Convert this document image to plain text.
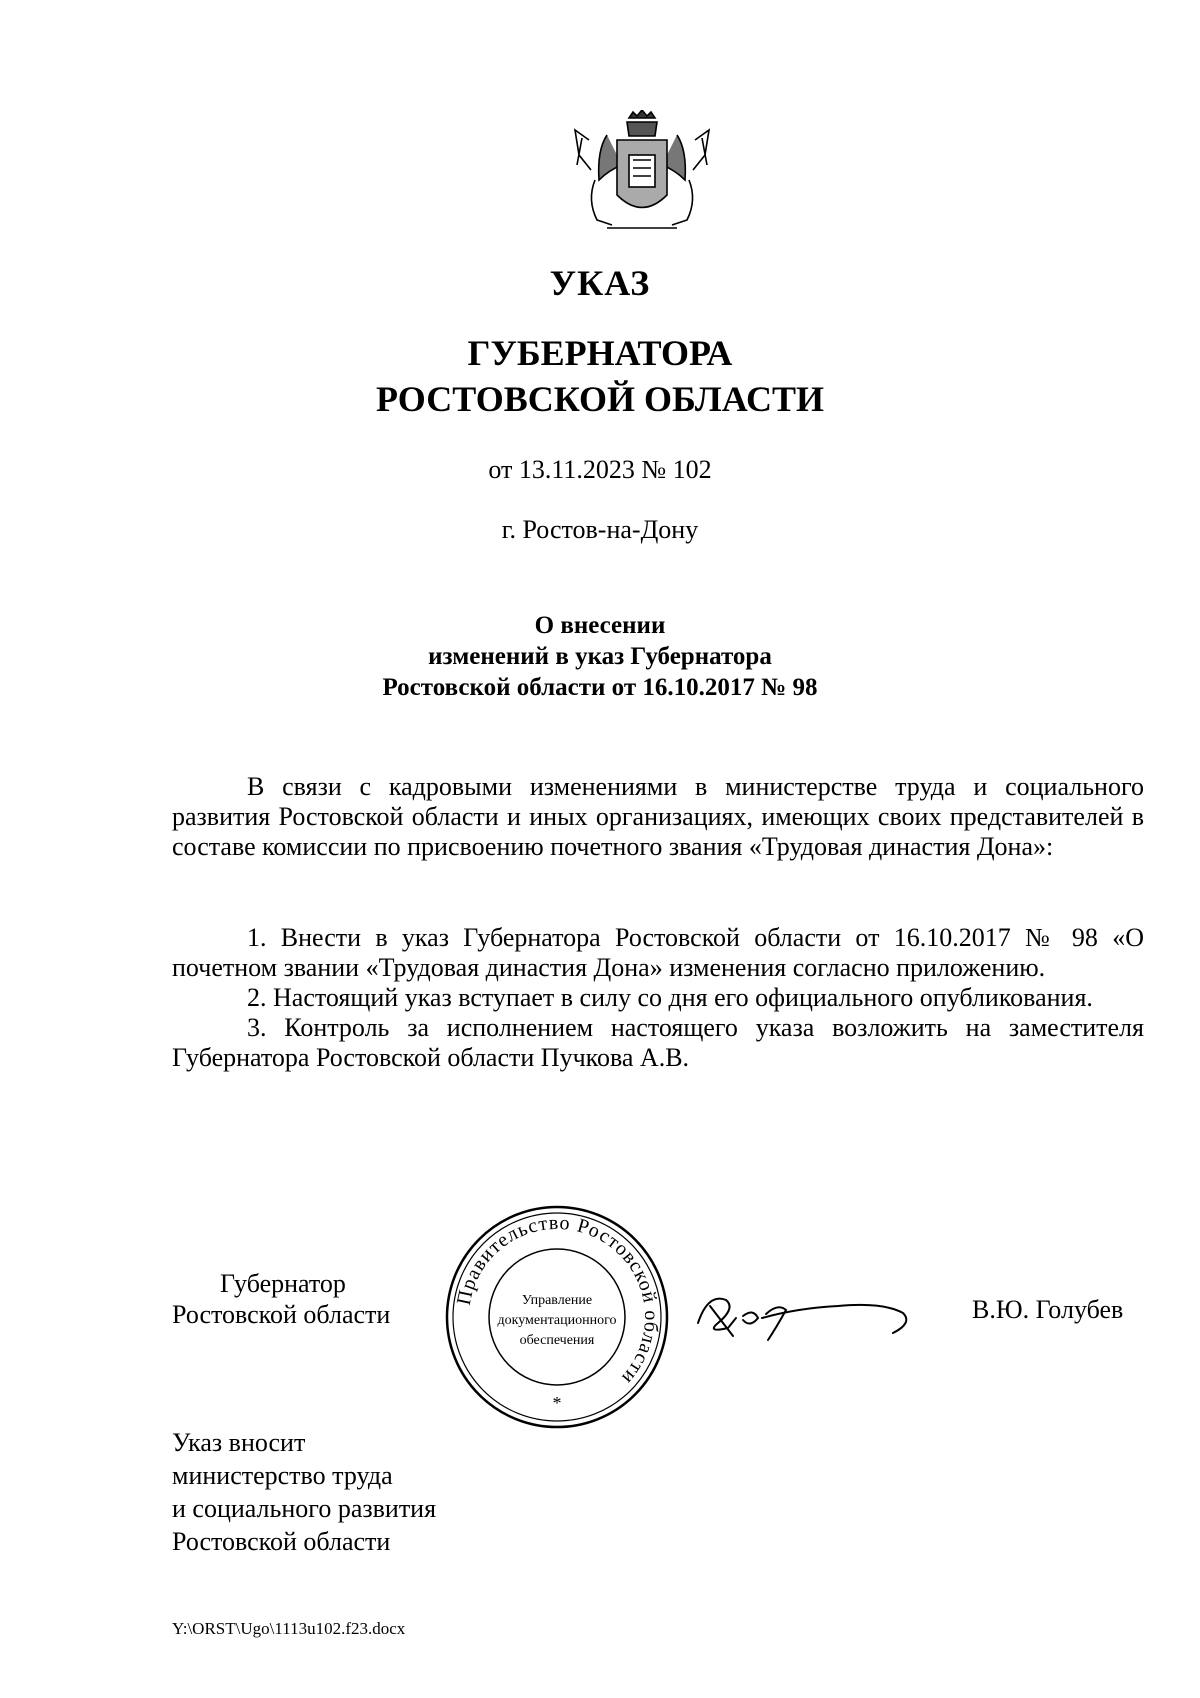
УКАЗ
ГУБЕРНАТОРА
РОСТОВСКОЙ ОБЛАСТИ
от 13.11.2023 № 102
г. Ростов-на-Дону
О внесении
изменений в указ Губернатора
Ростовской области от 16.10.2017 № 98

В связи с кадровыми изменениями в министерстве труда и социального развития Ростовской области и иных организациях, имеющих своих представителей в составе комиссии по присвоению почетного звания «Трудовая династия Дона»:

1. Внести в указ Губернатора Ростовской области от 16.10.2017 № 98 «О почетном звании «Трудовая династия Дона» изменения согласно приложению.

2. Настоящий указ вступает в силу со дня его официального опубликования.

3. Контроль за исполнением настоящего указа возложить на заместителя Губернатора Ростовской области Пучкова А.В.

Губернатор
Ростовской области
Правительство Ростовской области
Управление
документационного
обеспечения
*
В.Ю. Голубев
Указ вносит
министерство труда
и социального развития
Ростовской области
Y:\ORST\Ugo\1113u102.f23.docx
